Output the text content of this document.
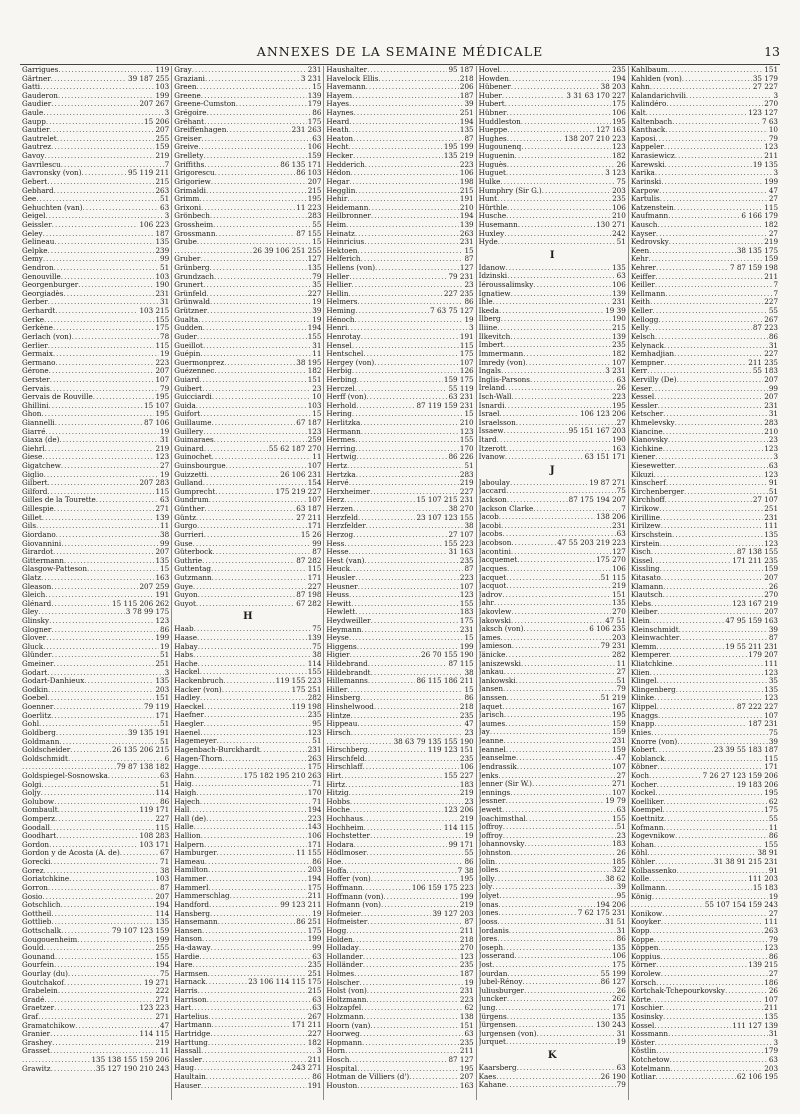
ANNEXES DE LA SEMAINE MÉDICALE	13
Garrigues
.....	119
Gärtner
.....	39 187 255
Gatti
.....	103
Gauderon
.....	199
Gaudier
.....	207 267
Gaule
.....	3
Gaupp
.....	15 206
Gautier
.....	207
Gautrelet
.....	255
Gautrez
.....	159
Gavoy
.....	219
Gavrilescu
.....	7
Gavronsky (von)
.....	95 119 211
Gebert
.....	215
Gebhard
.....	263
Gee
.....	51
Gehuchten (van)
.....	63
Geigel
.....	3
Geissler
.....	106 223
Geley
.....	187
Gelineau
.....	135
Gelpke
.....	239
Gemy
.....	99
Gendron
.....	51
Genouville
.....	103
Georgenburger
.....	190
Georgiadès
.....	231
Gerber
.....	31
Gerhardt
.....	103 215
Gerke
.....	155
Gerkène
.....	175
Gerlach (von)
.....	78
Gerlier
.....	115
Germaix
.....	19
Germano
.....	223
Gérone
.....	207
Gerster
.....	107
Gervais
.....	79
Gervais de Rouville
.....	195
Ghillini
.....	15 107
Ghon
.....	195
Giannelli
.....	87 106
Giarré
.....	19
Giaxa (de)
.....	31
Giehrl
.....	219
Giese
.....	123
Gigatchew
.....	27
Giglio
.....	19
Gilbert
.....	207 283
Gilford
.....	115
Gilles de la Tourette
.....	63
Gillespie
.....	271
Gillet
.....	139
Gils
.....	11
Giordano
.....	38
Giovannini
.....	99
Girardot
.....	207
Gittermann
.....	135
Glasgow-Patteson
.....	15
Glatz
.....	163
Gleason
.....	207 259
Gleich
.....	191
Glénard
.....	15 115 206 262
Gley
.....	3 78 99 175
Glinsky
.....	123
Glogner
.....	86
Glover
.....	199
Gluck
.....	19
Glünder
.....	51
Gmeiner
.....	251
Godart
.....	3
Godart-Danhieux
.....	135
Godkin
.....	203
Goebel
.....	151
Goenner
.....	79 119
Goerlitz
.....	171
Gohl
.....	51
Goldberg
.....	39 135 191
Goldmann
.....	51
Goldscheider
.....	26 135 206 215
Goldschmidt
.....	6
.....
79 87 138 182
Goldspiegel-Sosnowska
.....	63
Golgi
.....	51
Goljy
.....	114
Golubow
.....	86
Gombault
.....	119 171
Gomperz
.....	227
Goodall
.....	115
Goodhart
.....	108 283
Gordon
.....	103 171
Gordon y de Acosta (A. de)
.....	67
Gorecki
.....	71
Gorez
.....	38
Goriatchkine
.....	103
Gorron
.....	87
Gosio
.....	207
Gotschlich
.....	194
Gottheil
.....	114
Gottlieb
.....	135
Gottschalk
.....	79 107 123 159
Gougouenheim
.....	199
Gould
.....	255
Gounand
.....	155
Gourfein
.....	194
Gourlay (du)
.....	75
Goutchakof
.....	19 271
Grabelein
.....	222
Gradé
.....	271
Graetzer
.....	123 223
Graf
.....	271
Gramatchikow
.....	47
Granier
.....	114 115
Grashey
.....	219
Grasset
.....	11
.....
135 138 155 159 206
Grawitz
.....	35 127 190 210 243
Gray
.....	231
Graziani
.....	3 231
Green
.....	15
Greene
.....	139
Greene-Cumston
.....	179
Grégoire
.....	86
Gréhant
.....	175
Greiffenhagen
.....	231 263
Greiser
.....	63
Greive
.....	106
Grellety
.....	159
Griffiths
.....	86 135 171
Grigorescu
.....	86 103
Grigoriew
.....	207
Grimaldi
.....	215
Grimm
.....	195
Grixoni
.....	11 223
Grönbech
.....	283
Grossheim
.....	55
Grossmann
.....	87 155
Grube
.....	15
.....
26 39 106 251 255
Gruber
.....	127
Grünberg
.....	135
Grundzach
.....	79
Grunert
.....	35
Grünfeld
.....	227
Grünwald
.....	19
Grützner
.....	39
Gualta
.....	19
Gudden
.....	194
Guder
.....	155
Gueillot
.....	31
Guépin
.....	11
Guermonprez
.....	38 195
Guézennec
.....	182
Guiard
.....	151
Guibert
.....	23
Guicciardi
.....	10
Guida
.....	103
Guifort
.....	15
Guillaume
.....	67 187
Guillery
.....	123
Guimaraes
.....	259
Guinard
.....	55 62 187 270
Guinochet
.....	11
Guinsbourgue
.....	107
Guizzetti
.....	26 106 231
Gulland
.....	154
Gumprecht
.....	175 219 227
Gundrum
.....	107
Günther
.....	63 187
Güntz
.....	27 211
Gurgo
.....	171
Gurrieri
.....	15 26
Guse
.....	99
Güterbock
.....	87
Guthrie
.....	87 282
Guttentag
.....	115
Gutzmann
.....	171
Guye
.....	227
Guyon
.....	87 198
Guyot
.....	67 282
H
Haab
.....	75
Haase
.....	139
Habay
.....	75
Habs
.....	38
Hache
.....	114
Hackel
.....	155
Hackenbruch
.....	119 155 223
Hacker (von)
.....	175 251
Hadley
.....	282
Haeckel
.....	119 198
Haefner
.....	235
Haegler
.....	95
Haenel
.....	123
Hagemeyer
.....	51
Hagenbach-Burckhardt
.....	231
Hagen-Thorn
.....	263
Hagge
.....	175
Hahn
.....	175 182 195 210 263
Haig
.....	71
Haigh
.....	170
Hajech
.....	71
Hall
.....	194
Hall (de)
.....	223
Halle
.....	143
Hallion
.....	106
Halpern
.....	171
Hamburger
.....	11 155
Hameau
.....	86
Hamilton
.....	203
Hammer
.....	194
Hammerl
.....	175
Hammerschlag
.....	211
Handford
.....	99 123 211
Hansberg
.....	19
Hansemann
.....	86 251
Hansen
.....	175
Hanson
.....	199
Ha-daway
.....	99
Hardie
.....	63
Hare
.....	235
Harmsen
.....	251
Harnack
.....	23 106 114 115 175
Harris
.....	215
Harrison
.....	63
Hart
.....	63
Hartelius
.....	267
Hartmann
.....	171 211
Hartridge
.....	227
Harttung
.....	182
Hassall
.....	3
Hassler
.....	211
Haug
.....	243 271
Haultain
.....	86
Hauser
.....	191
Haushalter
.....	95 187
Havelock Ellis
.....	218
Havemann
.....	206
Hayem
.....	187
Hayes
.....	39
Haynes
.....	251
Heard
.....	194
Heath
.....	135
Heaton
.....	87
Hecht
.....	195 199
Hecker
.....	135 219
Hedderich
.....	223
Hédon
.....	106
Hegar
.....	198
Hegglin
.....	215
Hehir
.....	191
Heidemann
.....	210
Heilbronner
.....	194
Heim
.....	139
Heinatz
.....	263
Heinricius
.....	231
Hektoen
.....	15
Helferich
.....	87
Hellens (von)
.....	127
Heller
.....	79 231
Hellier
.....	23
Hellin
.....	227 235
Helmers
.....	86
Heming
.....	7 63 75 127
Hénoch
.....	19
Henri
.....	3
Henrotay
.....	191
Hensel
.....	115
Hentschel
.....	175
Hergey (von)
.....	107
Herbig
.....	126
Herbing
.....	159 175
Herczel
.....	55 119
Herff (von)
.....	63 231
Herhold
.....	87 119 159 231
Hering
.....	15
Herlitzka
.....	210
Hermann
.....	123
Hermes
.....	155
Herring
.....	170
Hertwig
.....	86 226
Hertz
.....	51
Hertzka
.....	283
Hervé
.....	219
Herxheimer
.....	227
Herz
.....	15 107 215 231
Herzen
.....	38 270
Herzfeld
.....	23 107 123 155
Herzfelder
.....	38
Herzog
.....	27 107
Hess
.....	155 223
Hesse
.....	31 163
Hest (van)
.....	235
Heuck
.....	87
Heusler
.....	223
Heusner
.....	107
Heuss
.....	123
Hewitt
.....	155
Hewlett
.....	183
Heydweiller
.....	175
Heymann
.....	231
Heyse
.....	15
Higgens
.....	199
Higier
.....	26 70 155 190
Hildebrand
.....	87 115
Hildebrandt
.....	38
Hillemanns
.....	86 115 186 211
Hiller
.....	15
Hinsberg
.....	86
Hinshelwood
.....	218
Hintze
.....	235
Hippeau
.....	47
Hirsch
.....	23
.....
38 63 79 135 155 190
Hirschberg
.....	119 123 151
Hirschfeld
.....	235
Hirschlaff
.....	106
Hirt
.....	155 227
Hirtz
.....	183
Hitzig
.....	219
Hobbs
.....	23
Hoche
.....	123 206
Hochhaus
.....	219
Hochheim
.....	114 115
Hochstetter
.....	19
Hodara
.....	99 171
Hödlmoser
.....	55
Hoe
.....	86
Hoffa
.....	7 38
Hoffer (von)
.....	195
Hoffmann
.....	106 159 175 223
Hoffmann (von)
.....	199
Hofmann (von)
.....	219
Hofmeier
.....	39 127 203
Hofmeister
.....	87
Hogg
.....	211
Holden
.....	218
Holladay
.....	270
Hollander
.....	123
Holländer
.....	235
Holmes
.....	187
Holscher
.....	19
Holst (von)
.....	231
Holtzmann
.....	223
Holzapfel
.....	62
Holzmann
.....	138
Hoorn (van)
.....	151
Hoorweg
.....	63
Hopmann
.....	235
Horn
.....	211
Hosch
.....	87 127
Hospital
.....	195
Hotman de Villiers (d')
.....	207
Houston
.....	163
Hovel
.....	235
Howden
.....	194
Hübener
.....	38 203
Huber
.....	3 31 63 170 227
Hubert
.....	175
Hübner
.....	106
Huddleston
.....	195
Hueppe
.....	127 163
Hughes
.....	138 207 210 223
Hugounenq
.....	123
Huguenin
.....	182
Huguès
.....	26
Huguet
.....	3 123
Hulke
.....	75
Humphry (Sir G.)
.....	203
Hunt
.....	235
Hürthle
.....	106
Husche
.....	210
Husemann
.....	130 271
Huxley
.....	242
Hyde
.....	51
I
Idanow
.....	135
Idzinski
.....	63
Iéroussalimsky
.....	106
Ignatiew
.....	139
Ihle
.....	231
Ikeda
.....	19 39
Ilberg
.....	190
Iliine
.....	215
Ilkevitch
.....	139
Imbert
.....	235
Immermann
.....	182
Imredy (von)
.....	107
Ingals
.....	3 231
Inglis-Parsons
.....	63
Ireland
.....	26
Isch-Wall
.....	223
Isnardi
.....	195
Israel
.....	106 123 206
Israelsson
.....	27
Issaew
.....	95 151 167 203
Itard
.....	190
Itzerott
.....	163
Ivanow
.....	63 151 171
J
Jaboulay
.....	19 87 271
Jaccard
.....	75
Jackson
.....	87 175 194 207
Jackson Clarke
.....	7
Jacob
.....	138 206
Jacobi
.....	231
Jacobs
.....	63
Jacobson
.....	47 55 203 219 223
Jacontini
.....	127
Jacquemet
.....	175 270
Jacques
.....	106
Jacquet
.....	51 115
Jacquot
.....	219
Jadrov
.....	151
Jahr
.....	135
Jakovlew
.....	270
Jakowski
.....	47 51
Jaksch (von)
.....	6 106 235
James
.....	203
Jamieson
.....	79 231
Jänicke
.....	282
Janiszewski
.....	11
Jankau
.....	27
Jankowski
.....	51
Jansen
.....	79
Janssen
.....	51 219
Jaquet
.....	167
Jarisch
.....	195
Jaumes
.....	159
Jay
.....	159
Jeanne
.....	231
Jeannel
.....	159
Jeanselme
.....	47
Jendrassik
.....	107
Jenks
.....	27
Jenner (Sir W.)
.....	271
Jennings
.....	107
Jessner
.....	19 79
Jewett
.....	63
Joachimsthal
.....	155
Joffroy
.....	51
Joffroy
.....	23
Johannovsky
.....	183
Johnston
.....	26
Jolin
.....	185
Jolles
.....	322
Jolly
.....	38 62
Joly
.....	39
Jolyet
.....	95
Jonas
.....	194 206
Jones
.....	7 62 175 231
Jooss
.....	31 51
Jordanis
.....	31
Jores
.....	86
Joseph
.....	135
Josserand
.....	106
Jost
.....	175
Jourdan
.....	55 199
Jubel-Rénoy
.....	86 127
Juliusburger
.....	26
Juncker
.....	262
Jung
.....	171
Jürgens
.....	135
Jürgensen
.....	130 243
Jurgensen (von)
.....	31
Jurquet
.....	19
K
Kaarsberg
.....	63
Kaes
.....	26 190
Kahane
.....	79
Kahlbaum
.....	151
Kahlden (von)
.....	35 179
Kahn
.....	27 227
Kalandarichvili
.....	3
Kalindéro
.....	270
Kalt
.....	123 127
Kaltenbach
.....	7 63
Kanthack
.....	10
Kaposi
.....	79
Kappeler
.....	123
Karasiewicz
.....	211
Karewski
.....	19 135
Karika
.....	3
Karinski
.....	199
Karpow
.....	47
Kartulis
.....	27
Katzenstein
.....	115
Kaufmann
.....	6 166 179
Kausch
.....	182
Kayser
.....	27
Kedrovsky
.....	219
Keen
.....	38 135 175
Kehr
.....	159
Kehrer
.....	7 87 159 198
Keiffer
.....	211
Keiller
.....	7
Kellmann
.....	7
Keith
.....	227
Keller
.....	55
Kellogg
.....	267
Kelly
.....	87 223
Kelsch
.....	86
Kelynack
.....	31
Kemhadjian
.....	227
Kempner
.....	211 235
Kerr
.....	55 183
Kervilly (De)
.....	207
Keser
.....	99
Kessel
.....	207
Kessler
.....	231
Ketscher
.....	31
Khmelevsky
.....	283
Kiancine
.....	210
Kianovsky
.....	23
Kichkine
.....	123
Kiener
.....	3
Kiesewetter
.....	63
Kikuzi
.....	123
Kinscherf
.....	91
Kirchenberger
.....	51
Kirchhoff
.....	27 107
Kirikow
.....	251
Kirilline
.....	231
Kirilzew
.....	111
Kirschstein
.....	135
Kirstein
.....	123
Kisch
.....	87 138 155
Kissel
.....	171 211 235
Kissling
.....	159
Kitasato
.....	207
Klamann
.....	26
Klautsch
.....	270
Klebs
.....	123 167 219
Kleiber
.....	207
Klein
.....	47 95 159 163
Kleinschmidt
.....	39
Kleinwachter
.....	87
Klemm
.....	19 55 211 231
Klemperer
.....	179 207
Kliatchkine
.....	111
Klien
.....	123
Klingel
.....	35
Klingenberg
.....	135
Klinke
.....	123
Klippel
.....	87 222 227
Knaggs
.....	107
Knapp
.....	187 231
Knies
.....	75
Knorre (von)
.....	39
Kobert
.....	23 39 55 183 187
Koblanck
.....	115
Köbner
.....	171
Koch
.....	7 26 27 123 159 206
Kocher
.....	19 183 206
Kockel
.....	195
Koelliker
.....	62
Koempel
.....	175
Koettnitz
.....	55
Kofmann
.....	11
Kogevnikow
.....	86
Kohan
.....	155
Köhl
.....	38 91
Köhler
.....	31 38 91 215 231
Kolbassenko
.....	91
Kolle
.....	111 203
Kollmann
.....	15 183
König
.....	19
.....
55 107 154 159 243
Konikow
.....	27
Kooyker
.....	111
Kopp
.....	263
Koppe
.....	79
Köppen
.....	123
Koppius
.....	86
Körner
.....	139 215
Korolew
.....	27
Korsch
.....	186
Kortchak-Tchepourkovsky
.....	26
Körte
.....	107
Koschier
.....	211
Kosinsky
.....	135
Kossel
.....	111 127 139
Kossmann
.....	31
Köster
.....	3
Köstlin
.....	179
Kotchetow
.....	63
Kotelmann
.....	203
Kotliar
.....	62 106 195
